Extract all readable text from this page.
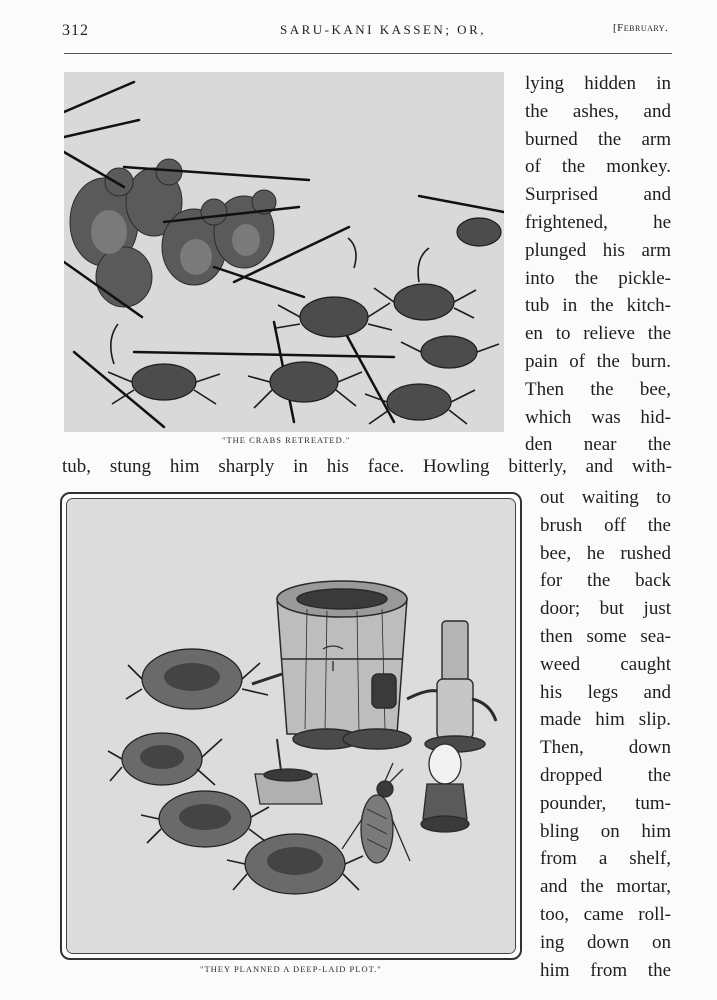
312	SARU-KANI KASSEN; OR,	[February.
"THE CRABS RETREATED."
lying hidden in
the ashes, and
burned the arm
of the monkey.
Surprised and
frightened, he
plunged his arm
into the pickle-
tub in the kitch-
en to relieve the
pain of the burn.
Then the bee,
which was hid-
den near the
tub, stung him sharply in his face. Howling bitterly, and with-
"THEY PLANNED A DEEP-LAID PLOT."
out waiting to
brush off the
bee, he rushed
for the back
door; but just
then some sea-
weed caught
his legs and
made him slip.
Then, down
dropped the
pounder, tum-
bling on him
from a shelf,
and the mortar,
too, came roll-
ing down on
him from the
